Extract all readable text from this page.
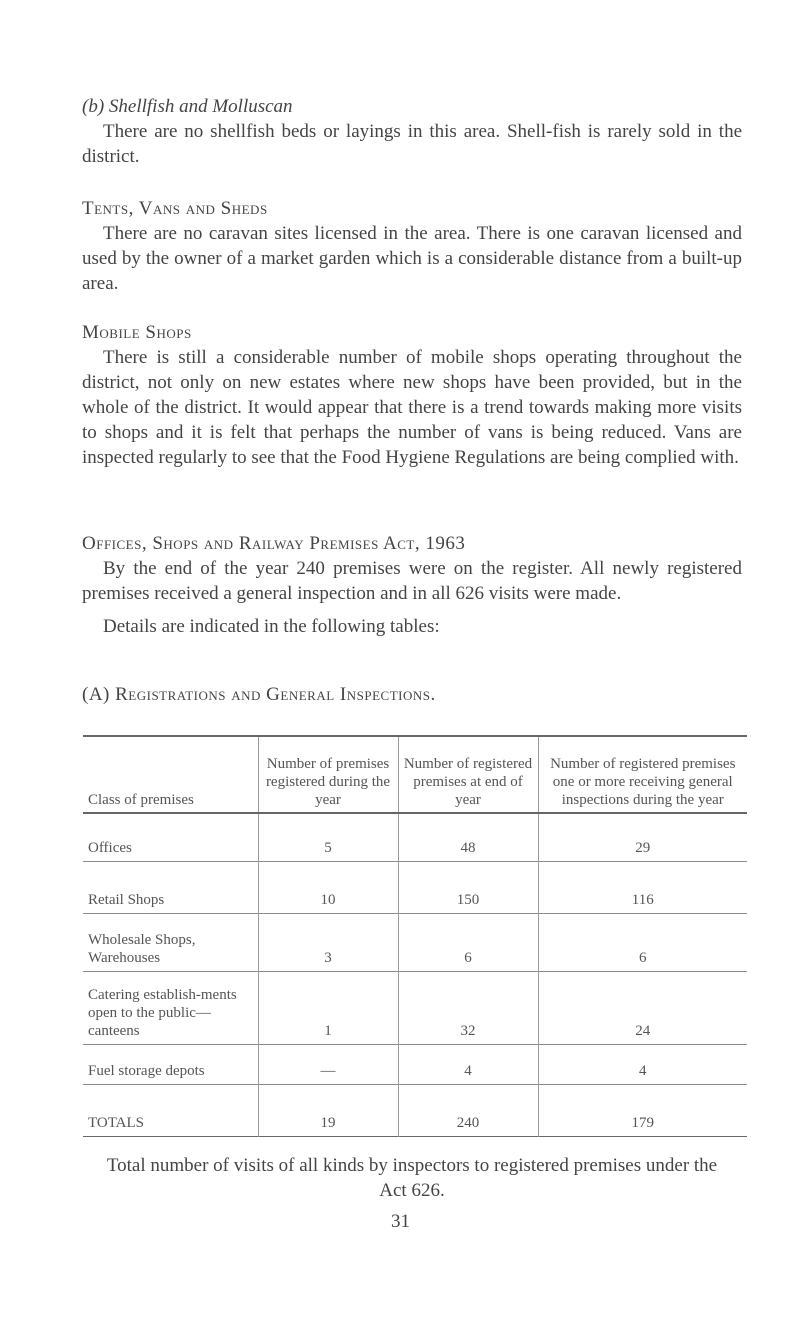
(b) Shellfish and Molluscan

There are no shellfish beds or layings in this area. Shell-fish is rarely sold in the district.

Tents, Vans and Sheds

There are no caravan sites licensed in the area. There is one caravan licensed and used by the owner of a market garden which is a considerable distance from a built-up area.

Mobile Shops

There is still a considerable number of mobile shops operating throughout the district, not only on new estates where new shops have been provided, but in the whole of the district. It would appear that there is a trend towards making more visits to shops and it is felt that perhaps the number of vans is being reduced. Vans are inspected regularly to see that the Food Hygiene Regulations are being complied with.

Offices, Shops and Railway Premises Act, 1963

By the end of the year 240 premises were on the register. All newly registered premises received a general inspection and in all 626 visits were made.

Details are indicated in the following tables:

(A) Registrations and General Inspections.

Class of premises	Number of premises registered during the year	Number of registered premises at end of year	Number of registered premises one or more receiving general inspections during the year
Offices	5	48	29
Retail Shops	10	150	116
Wholesale Shops, Warehouses	3	6	6
Catering establish-ments open to the public—canteens	1	32	24
Fuel storage depots	—	4	4
TOTALS	19	240	179
Total number of visits of all kinds by inspectors to registered premises under the Act 626.
31
